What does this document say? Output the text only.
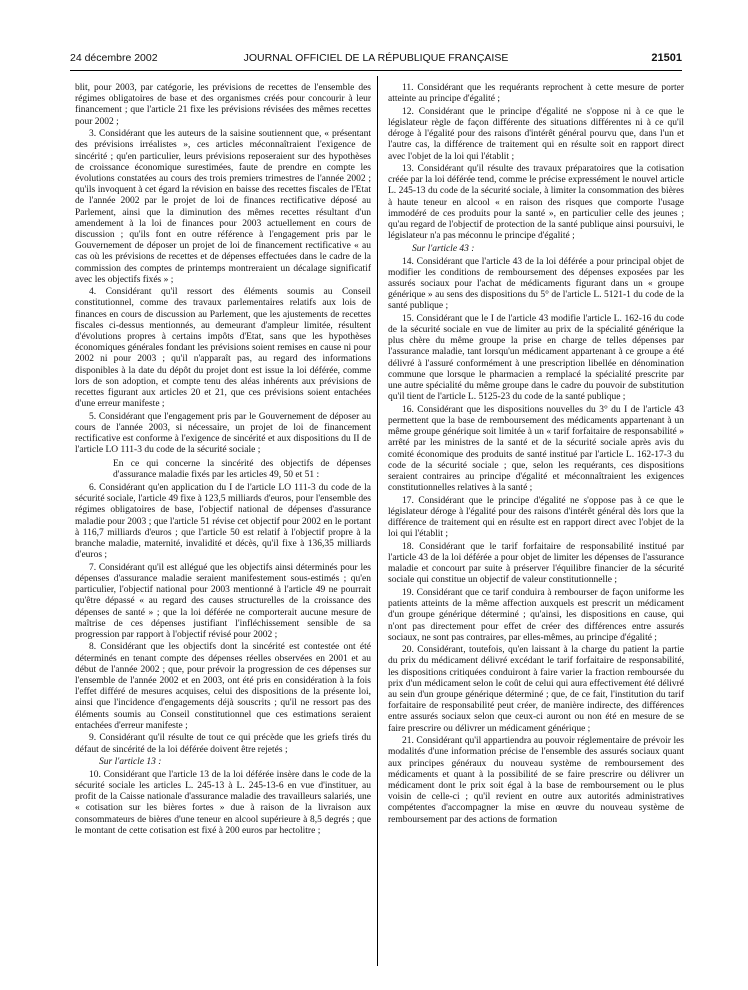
24 décembre 2002	JOURNAL OFFICIEL DE LA RÉPUBLIQUE FRANÇAISE	21501

blit, pour 2003, par catégorie, les prévisions de recettes de l'ensemble des régimes obligatoires de base et des organismes créés pour concourir à leur financement ; que l'article 21 fixe les prévisions révisées des mêmes recettes pour 2002 ;

3. Considérant que les auteurs de la saisine soutiennent que, « présentant des prévisions irréalistes », ces articles méconnaîtraient l'exigence de sincérité ; qu'en particulier, leurs prévisions reposeraient sur des hypothèses de croissance économique surestimées, faute de prendre en compte les évolutions constatées au cours des trois premiers trimestres de l'année 2002 ; qu'ils invoquent à cet égard la révision en baisse des recettes fiscales de l'Etat de l'année 2002 par le projet de loi de finances rectificative déposé au Parlement, ainsi que la diminution des mêmes recettes résultant d'un amendement à la loi de finances pour 2003 actuellement en cours de discussion ; qu'ils font en outre référence à l'engagement pris par le Gouvernement de déposer un projet de loi de financement rectificative « au cas où les prévisions de recettes et de dépenses effectuées dans le cadre de la commission des comptes de printemps montreraient un décalage significatif avec les objectifs fixés » ;

4. Considérant qu'il ressort des éléments soumis au Conseil constitutionnel, comme des travaux parlementaires relatifs aux lois de finances en cours de discussion au Parlement, que les ajustements de recettes fiscales ci-dessus mentionnés, au demeurant d'ampleur limitée, résultent d'évolutions propres à certains impôts d'Etat, sans que les hypothèses économiques générales fondant les prévisions soient remises en cause ni pour 2002 ni pour 2003 ; qu'il n'apparaît pas, au regard des informations disponibles à la date du dépôt du projet dont est issue la loi déférée, comme lors de son adoption, et compte tenu des aléas inhérents aux prévisions de recettes figurant aux articles 20 et 21, que ces prévisions soient entachées d'une erreur manifeste ;

5. Considérant que l'engagement pris par le Gouvernement de déposer au cours de l'année 2003, si nécessaire, un projet de loi de financement rectificative est conforme à l'exigence de sincérité et aux dispositions du II de l'article LO 111-3 du code de la sécurité sociale ;

En ce qui concerne la sincérité des objectifs de dépenses d'assurance maladie fixés par les articles 49, 50 et 51 :

6. Considérant qu'en application du I de l'article LO 111-3 du code de la sécurité sociale, l'article 49 fixe à 123,5 milliards d'euros, pour l'ensemble des régimes obligatoires de base, l'objectif national de dépenses d'assurance maladie pour 2003 ; que l'article 51 révise cet objectif pour 2002 en le portant à 116,7 milliards d'euros ; que l'article 50 est relatif à l'objectif propre à la branche maladie, maternité, invalidité et décès, qu'il fixe à 136,35 milliards d'euros ;

7. Considérant qu'il est allégué que les objectifs ainsi déterminés pour les dépenses d'assurance maladie seraient manifestement sous-estimés ; qu'en particulier, l'objectif national pour 2003 mentionné à l'article 49 ne pourrait qu'être dépassé « au regard des causes structurelles de la croissance des dépenses de santé » ; que la loi déférée ne comporterait aucune mesure de maîtrise de ces dépenses justifiant l'infléchissement sensible de sa progression par rapport à l'objectif révisé pour 2002 ;

8. Considérant que les objectifs dont la sincérité est contestée ont été déterminés en tenant compte des dépenses réelles observées en 2001 et au début de l'année 2002 ; que, pour prévoir la progression de ces dépenses sur l'ensemble de l'année 2002 et en 2003, ont été pris en considération à la fois l'effet différé de mesures acquises, celui des dispositions de la présente loi, ainsi que l'incidence d'engagements déjà souscrits ; qu'il ne ressort pas des éléments soumis au Conseil constitutionnel que ces estimations seraient entachées d'erreur manifeste ;

9. Considérant qu'il résulte de tout ce qui précède que les griefs tirés du défaut de sincérité de la loi déférée doivent être rejetés ;

Sur l'article 13 :

10. Considérant que l'article 13 de la loi déférée insère dans le code de la sécurité sociale les articles L. 245-13 à L. 245-13-6 en vue d'instituer, au profit de la Caisse nationale d'assurance maladie des travailleurs salariés, une « cotisation sur les bières fortes » due à raison de la livraison aux consommateurs de bières d'une teneur en alcool supérieure à 8,5 degrés ; que le montant de cette cotisation est fixé à 200 euros par hectolitre ;

11. Considérant que les requérants reprochent à cette mesure de porter atteinte au principe d'égalité ;

12. Considérant que le principe d'égalité ne s'oppose ni à ce que le législateur règle de façon différente des situations différentes ni à ce qu'il déroge à l'égalité pour des raisons d'intérêt général pourvu que, dans l'un et l'autre cas, la différence de traitement qui en résulte soit en rapport direct avec l'objet de la loi qui l'établit ;

13. Considérant qu'il résulte des travaux préparatoires que la cotisation créée par la loi déférée tend, comme le précise expressément le nouvel article L. 245-13 du code de la sécurité sociale, à limiter la consommation des bières à haute teneur en alcool « en raison des risques que comporte l'usage immodéré de ces produits pour la santé », en particulier celle des jeunes ; qu'au regard de l'objectif de protection de la santé publique ainsi poursuivi, le législateur n'a pas méconnu le principe d'égalité ;

Sur l'article 43 :

14. Considérant que l'article 43 de la loi déférée a pour principal objet de modifier les conditions de remboursement des dépenses exposées par les assurés sociaux pour l'achat de médicaments figurant dans un « groupe générique » au sens des dispositions du 5° de l'article L. 5121-1 du code de la santé publique ;

15. Considérant que le I de l'article 43 modifie l'article L. 162-16 du code de la sécurité sociale en vue de limiter au prix de la spécialité générique la plus chère du même groupe la prise en charge de telles dépenses par l'assurance maladie, tant lorsqu'un médicament appartenant à ce groupe a été délivré à l'assuré conformément à une prescription libellée en dénomination commune que lorsque le pharmacien a remplacé la spécialité prescrite par une autre spécialité du même groupe dans le cadre du pouvoir de substitution qu'il tient de l'article L. 5125-23 du code de la santé publique ;

16. Considérant que les dispositions nouvelles du 3° du I de l'article 43 permettent que la base de remboursement des médicaments appartenant à un même groupe générique soit limitée à un « tarif forfaitaire de responsabilité » arrêté par les ministres de la santé et de la sécurité sociale après avis du comité économique des produits de santé institué par l'article L. 162-17-3 du code de la sécurité sociale ; que, selon les requérants, ces dispositions seraient contraires au principe d'égalité et méconnaîtraient les exigences constitutionnelles relatives à la santé ;

17. Considérant que le principe d'égalité ne s'oppose pas à ce que le législateur déroge à l'égalité pour des raisons d'intérêt général dès lors que la différence de traitement qui en résulte est en rapport direct avec l'objet de la loi qui l'établit ;

18. Considérant que le tarif forfaitaire de responsabilité institué par l'article 43 de la loi déférée a pour objet de limiter les dépenses de l'assurance maladie et concourt par suite à préserver l'équilibre financier de la sécurité sociale qui constitue un objectif de valeur constitutionnelle ;

19. Considérant que ce tarif conduira à rembourser de façon uniforme les patients atteints de la même affection auxquels est prescrit un médicament d'un groupe générique déterminé ; qu'ainsi, les dispositions en cause, qui n'ont pas directement pour effet de créer des différences entre assurés sociaux, ne sont pas contraires, par elles-mêmes, au principe d'égalité ;

20. Considérant, toutefois, qu'en laissant à la charge du patient la partie du prix du médicament délivré excédant le tarif forfaitaire de responsabilité, les dispositions critiquées conduiront à faire varier la fraction remboursée du prix d'un médicament selon le coût de celui qui aura effectivement été délivré au sein d'un groupe générique déterminé ; que, de ce fait, l'institution du tarif forfaitaire de responsabilité peut créer, de manière indirecte, des différences entre assurés sociaux selon que ceux-ci auront ou non été en mesure de se faire prescrire ou délivrer un médicament générique ;

21. Considérant qu'il appartiendra au pouvoir réglementaire de prévoir les modalités d'une information précise de l'ensemble des assurés sociaux quant aux principes généraux du nouveau système de remboursement des médicaments et quant à la possibilité de se faire prescrire ou délivrer un médicament dont le prix soit égal à la base de remboursement ou le plus voisin de celle-ci ; qu'il revient en outre aux autorités administratives compétentes d'accompagner la mise en œuvre du nouveau système de remboursement par des actions de formation
